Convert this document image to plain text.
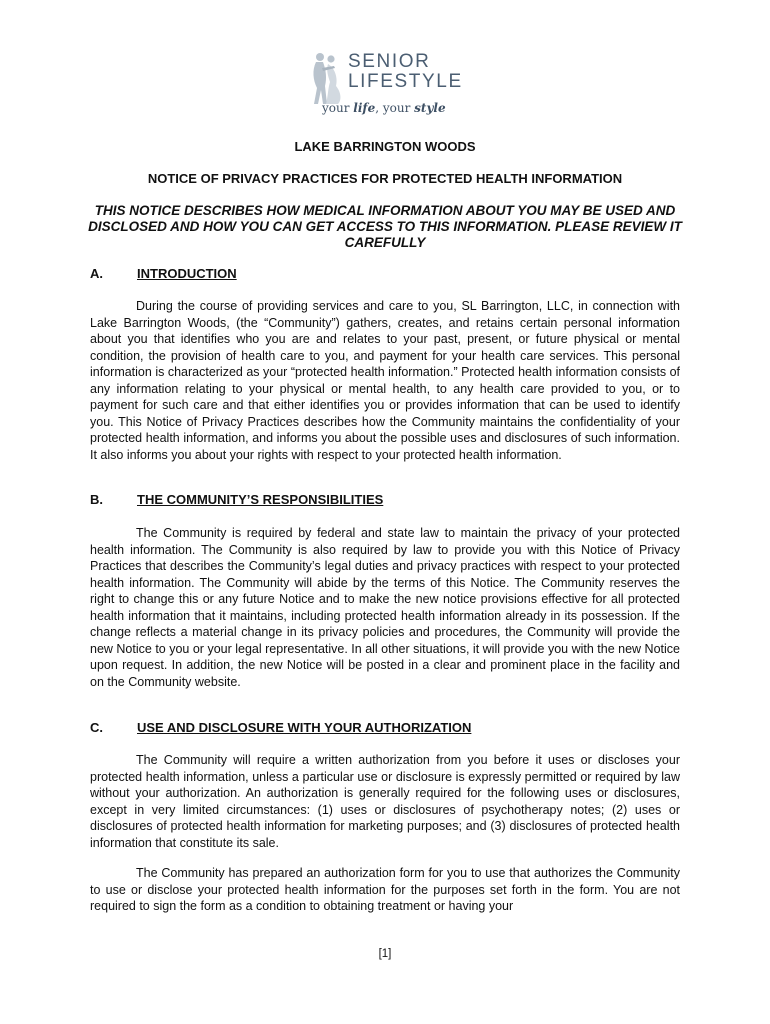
SENIOR
LIFESTYLE
your life, your style
LAKE BARRINGTON WOODS
NOTICE OF PRIVACY PRACTICES FOR PROTECTED HEALTH INFORMATION
THIS NOTICE DESCRIBES HOW MEDICAL INFORMATION ABOUT YOU MAY BE USED AND DISCLOSED AND HOW YOU CAN GET ACCESS TO THIS INFORMATION. PLEASE REVIEW IT CAREFULLY
A.	INTRODUCTION

During the course of providing services and care to you, SL Barrington, LLC, in connection with Lake Barrington Woods, (the “Community”) gathers, creates, and retains certain personal information about you that identifies who you are and relates to your past, present, or future physical or mental condition, the provision of health care to you, and payment for your health care services. This personal information is characterized as your “protected health information.” Protected health information consists of any information relating to your physical or mental health, to any health care provided to you, or to payment for such care and that either identifies you or provides information that can be used to identify you. This Notice of Privacy Practices describes how the Community maintains the confidentiality of your protected health information, and informs you about the possible uses and disclosures of such information. It also informs you about your rights with respect to your protected health information.

B.	THE COMMUNITY’S RESPONSIBILITIES

The Community is required by federal and state law to maintain the privacy of your protected health information. The Community is also required by law to provide you with this Notice of Privacy Practices that describes the Community’s legal duties and privacy practices with respect to your protected health information. The Community will abide by the terms of this Notice. The Community reserves the right to change this or any future Notice and to make the new notice provisions effective for all protected health information that it maintains, including protected health information already in its possession. If the change reflects a material change in its privacy policies and procedures, the Community will provide the new Notice to you or your legal representative. In all other situations, it will provide you with the new Notice upon request. In addition, the new Notice will be posted in a clear and prominent place in the facility and on the Community website.

C.	USE AND DISCLOSURE WITH YOUR AUTHORIZATION

The Community will require a written authorization from you before it uses or discloses your protected health information, unless a particular use or disclosure is expressly permitted or required by law without your authorization. An authorization is generally required for the following uses or disclosures, except in very limited circumstances: (1) uses or disclosures of psychotherapy notes; (2) uses or disclosures of protected health information for marketing purposes; and (3) disclosures of protected health information that constitute its sale.

The Community has prepared an authorization form for you to use that authorizes the Community to use or disclose your protected health information for the purposes set forth in the form. You are not required to sign the form as a condition to obtaining treatment or having your

[1]
